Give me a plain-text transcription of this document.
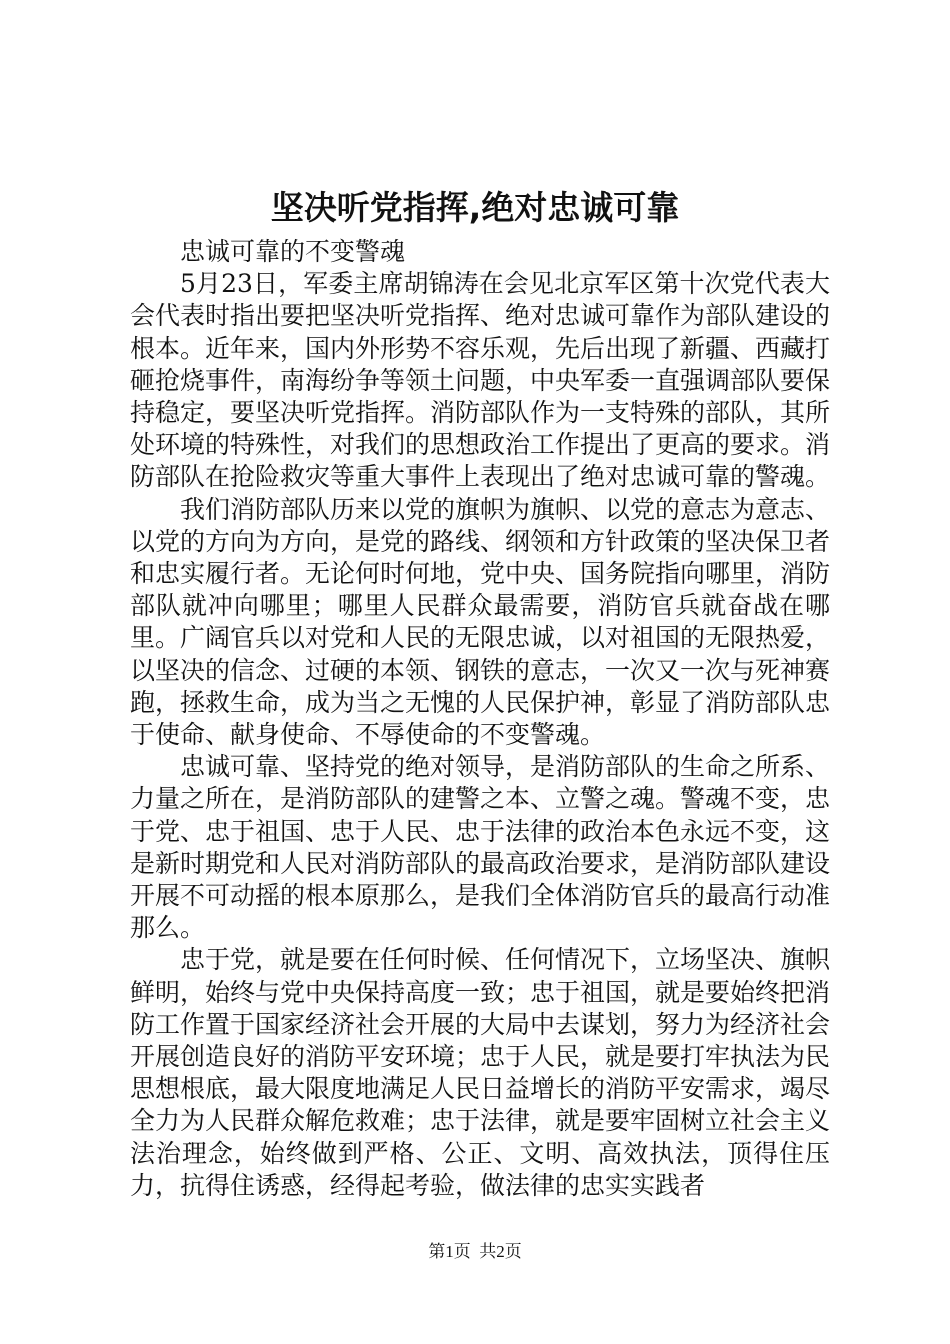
坚决听党指挥,绝对忠诚可靠

忠诚可靠的不变警魂

5月23日，军委主席胡锦涛在会见北京军区第十次党代表大会代表时指出要把坚决听党指挥、绝对忠诚可靠作为部队建设的根本。近年来，国内外形势不容乐观，先后出现了新疆、西藏打砸抢烧事件，南海纷争等领土问题，中央军委一直强调部队要保持稳定，要坚决听党指挥。消防部队作为一支特殊的部队，其所处环境的特殊性，对我们的思想政治工作提出了更高的要求。消防部队在抢险救灾等重大事件上表现出了绝对忠诚可靠的警魂。

我们消防部队历来以党的旗帜为旗帜、以党的意志为意志、以党的方向为方向，是党的路线、纲领和方针政策的坚决保卫者和忠实履行者。无论何时何地，党中央、国务院指向哪里，消防部队就冲向哪里；哪里人民群众最需要，消防官兵就奋战在哪里。广阔官兵以对党和人民的无限忠诚，以对祖国的无限热爱，以坚决的信念、过硬的本领、钢铁的意志，一次又一次与死神赛跑，拯救生命，成为当之无愧的人民保护神，彰显了消防部队忠于使命、献身使命、不辱使命的不变警魂。

忠诚可靠、坚持党的绝对领导，是消防部队的生命之所系、力量之所在，是消防部队的建警之本、立警之魂。警魂不变，忠于党、忠于祖国、忠于人民、忠于法律的政治本色永远不变，这是新时期党和人民对消防部队的最高政治要求，是消防部队建设开展不可动摇的根本原那么，是我们全体消防官兵的最高行动准那么。

忠于党，就是要在任何时候、任何情况下，立场坚决、旗帜鲜明，始终与党中央保持高度一致；忠于祖国，就是要始终把消防工作置于国家经济社会开展的大局中去谋划，努力为经济社会开展创造良好的消防平安环境；忠于人民，就是要打牢执法为民思想根底，最大限度地满足人民日益增长的消防平安需求，竭尽全力为人民群众解危救难；忠于法律，就是要牢固树立社会主义法治理念，始终做到严格、公正、文明、高效执法，顶得住压力，抗得住诱惑，经得起考验，做法律的忠实实践者

第1页 共2页
